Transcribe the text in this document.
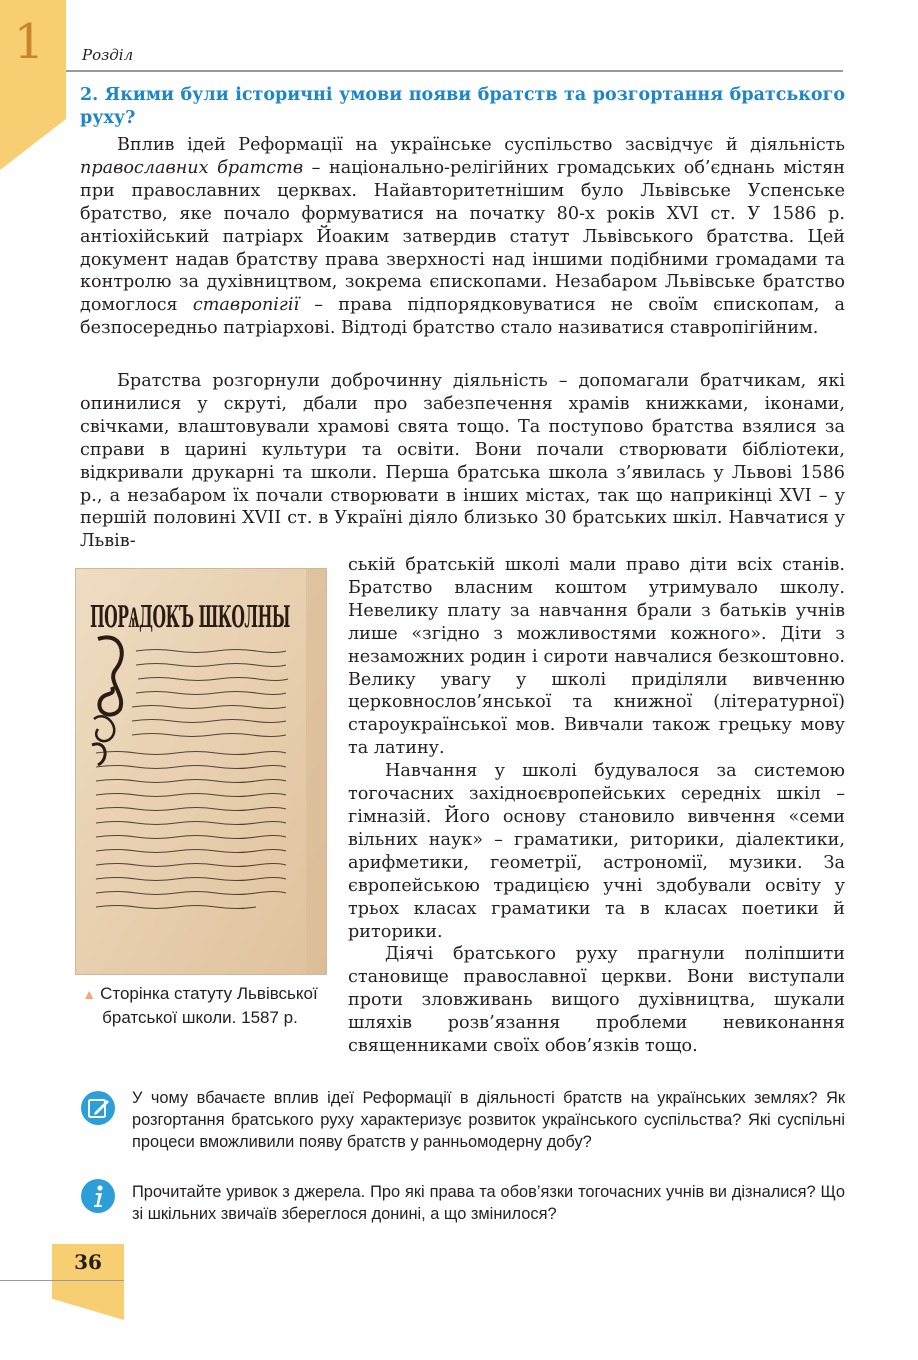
1	Розділ
2. Якими були історичні умови появи братств та розгортання братського руху?

Вплив ідей Реформації на українське суспільство засвідчує й діяльність православних братств – національно-релігійних громадських об’єднань містян при православних церквах. Найавторитетнішим було Львівське Успенське братство, яке почало формуватися на початку 80-х років XVI ст. У 1586 р. антіохійський патріарх Йоаким затвердив статут Львівського братства. Цей документ надав братству права зверхності над іншими подібними громадами та контролю за духівництвом, зокрема єпископами. Незабаром Львівське братство домоглося ставропігії – права підпорядковуватися не своїм єпископам, а безпосередньо патріархові. Відтоді братство стало називатися ставропігійним.

Братства розгорнули доброчинну діяльність – допомагали братчикам, які опинилися у скруті, дбали про забезпечення храмів книжками, іконами, свічками, влаштовували храмові свята тощо. Та поступово братства взялися за справи в царині культури та освіти. Вони почали створювати бібліотеки, відкривали друкарні та школи. Перша братська школа з’явилась у Львові 1586 р., а незабаром їх почали створювати в інших містах, так що наприкінці XVI – у першій половині XVII ст. в Україні діяло близько 30 братських шкіл. Навчатися у Львів-

ПОРѦДОКЪ ШКОЛНЫ
▲ Сторінка статуту Львівської братської школи. 1587 р.

ській братській школі мали право діти всіх станів. Братство власним коштом утримувало школу. Невелику плату за навчання брали з батьків учнів лише «згідно з можливостями кожного». Діти з незаможних родин і сироти навчалися безкоштовно. Велику увагу у школі приділяли вивченню церковнослов’янської та книжної (літературної) староукраїнської мов. Вивчали також грецьку мову та латину.

Навчання у школі будувалося за системою тогочасних західноєвропейських середніх шкіл – гімназій. Його основу становило вивчення «семи вільних наук» – граматики, риторики, діалектики, арифметики, геометрії, астрономії, музики. За європейською традицією учні здобували освіту у трьох класах граматики та в класах поетики й риторики.

Діячі братського руху прагнули поліпшити становище православної церкви. Вони виступали проти зловживань вищого духівництва, шукали шляхів розв’язання проблеми невиконання священниками своїх обов’язків тощо.

У чому вбачаєте вплив ідеї Реформації в діяльності братств на українських землях? Як розгортання братського руху характеризує розвиток українського суспільства? Які суспільні процеси вможливили появу братств у ранньомодерну добу?

Прочитайте уривок з джерела. Про які права та обов’язки тогочасних учнів ви дізналися? Що зі шкільних звичаїв збереглося донині, а що змінилося?

36
